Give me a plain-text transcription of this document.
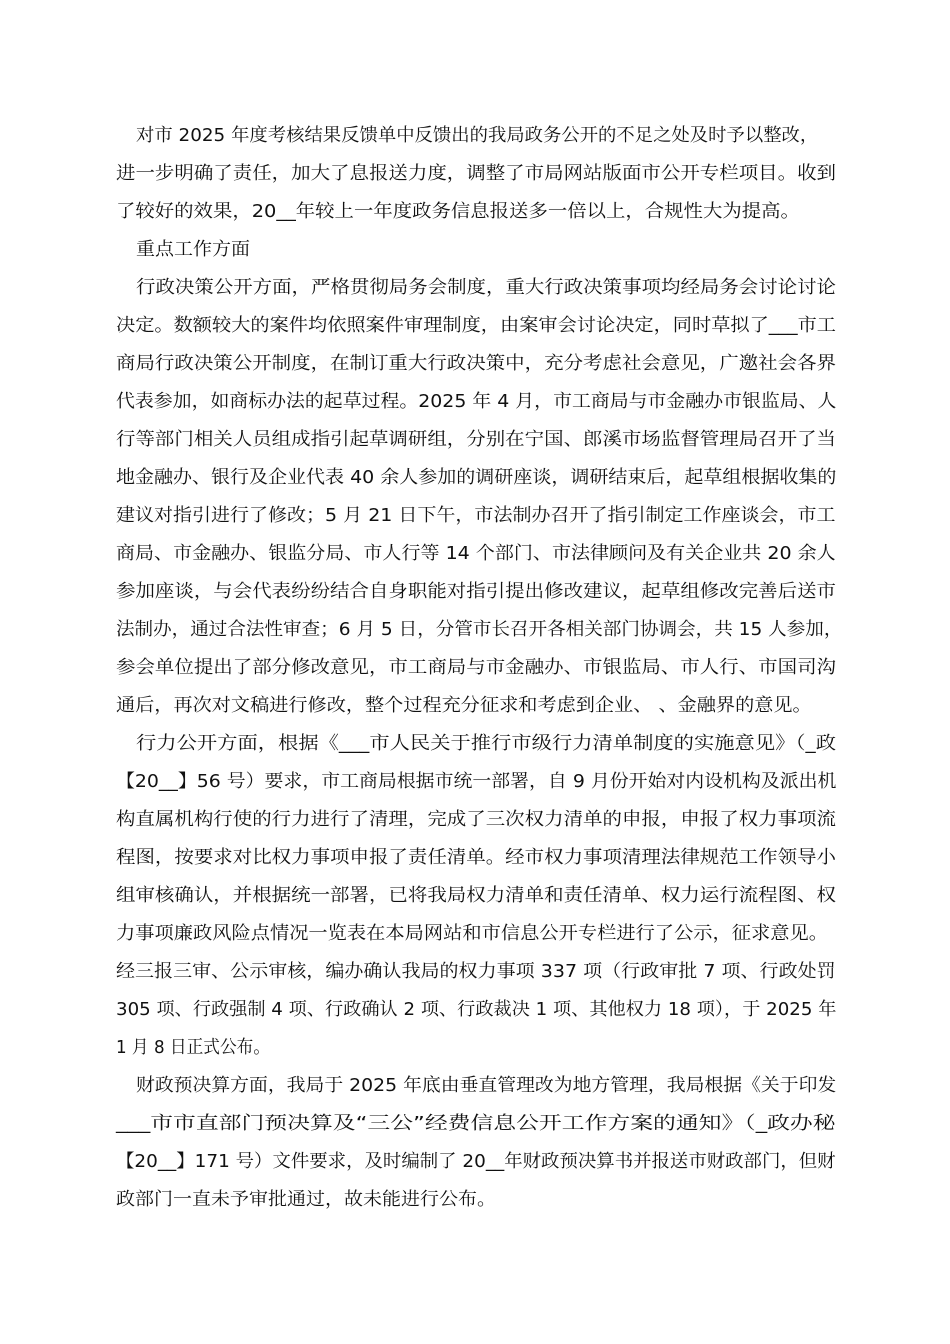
对市 2025 年度考核结果反馈单中反馈出的我局政务公开的不足之处及时予以整改，
进一步明确了责任，加大了息报送力度，调整了市局网站版面市公开专栏项目。收到
了较好的效果，20__年较上一年度政务信息报送多一倍以上，合规性大为提高。
重点工作方面
行政决策公开方面，严格贯彻局务会制度，重大行政决策事项均经局务会讨论讨论
决定。数额较大的案件均依照案件审理制度，由案审会讨论决定，同时草拟了___市工
商局行政决策公开制度，在制订重大行政决策中，充分考虑社会意见，广邀社会各界
代表参加，如商标办法的起草过程。2025 年 4 月，市工商局与市金融办市银监局、人
行等部门相关人员组成指引起草调研组，分别在宁国、郎溪市场监督管理局召开了当
地金融办、银行及企业代表 40 余人参加的调研座谈，调研结束后，起草组根据收集的
建议对指引进行了修改；5 月 21 日下午，市法制办召开了指引制定工作座谈会，市工
商局、市金融办、银监分局、市人行等 14 个部门、市法律顾问及有关企业共 20 余人
参加座谈，与会代表纷纷结合自身职能对指引提出修改建议，起草组修改完善后送市
法制办，通过合法性审查；6 月 5 日，分管市长召开各相关部门协调会，共 15 人参加，
参会单位提出了部分修改意见，市工商局与市金融办、市银监局、市人行、市国司沟
通后，再次对文稿进行修改，整个过程充分征求和考虑到企业、 、金融界的意见。
行力公开方面，根据《___市人民关于推行市级行力清单制度的实施意见》（_政
【20__】56 号）要求，市工商局根据市统一部署，自 9 月份开始对内设机构及派出机
构直属机构行使的行力进行了清理，完成了三次权力清单的申报，申报了权力事项流
程图，按要求对比权力事项申报了责任清单。经市权力事项清理法律规范工作领导小
组审核确认，并根据统一部署，已将我局权力清单和责任清单、权力运行流程图、权
力事项廉政风险点情况一览表在本局网站和市信息公开专栏进行了公示，征求意见。
经三报三审、公示审核，编办确认我局的权力事项 337 项（行政审批 7 项、行政处罚
305 项、行政强制 4 项、行政确认 2 项、行政裁决 1 项、其他权力 18 项），于 2025 年
1 月 8 日正式公布。
财政预决算方面，我局于 2025 年底由垂直管理改为地方管理，我局根据《关于印发
___市市直部门预决算及“三公”经费信息公开工作方案的通知》（_政办秘
【20__】171 号）文件要求，及时编制了 20__年财政预决算书并报送市财政部门，但财
政部门一直未予审批通过，故未能进行公布。
